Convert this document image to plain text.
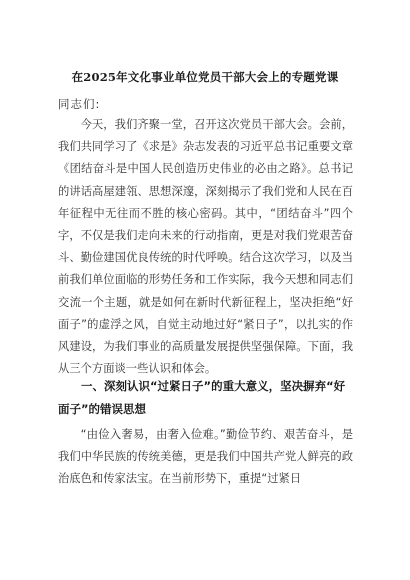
在2025年文化事业单位党员干部大会上的专题党课
同志们:

今天，我们齐聚一堂，召开这次党员干部大会。会前，我们共同学习了《求是》杂志发表的习近平总书记重要文章《团结奋斗是中国人民创造历史伟业的必由之路》。总书记的讲话高屋建瓴、思想深邃，深刻揭示了我们党和人民在百年征程中无往而不胜的核心密码。其中，“团结奋斗”四个字，不仅是我们走向未来的行动指南，更是对我们党艰苦奋斗、勤俭建国优良传统的时代呼唤。结合这次学习，以及当前我们单位面临的形势任务和工作实际，我今天想和同志们交流一个主题，就是如何在新时代新征程上，坚决拒绝“好面子”的虚浮之风，自觉主动地过好“紧日子”，以扎实的作风建设，为我们事业的高质量发展提供坚强保障。下面，我从三个方面谈一些认识和体会。

一、深刻认识“过紧日子”的重大意义，坚决摒弃“好面子”的错误思想

“由俭入奢易，由奢入俭难。”勤俭节约、艰苦奋斗，是我们中华民族的传统美德，更是我们中国共产党人鲜亮的政治底色和传家法宝。在当前形势下，重提“过紧日
